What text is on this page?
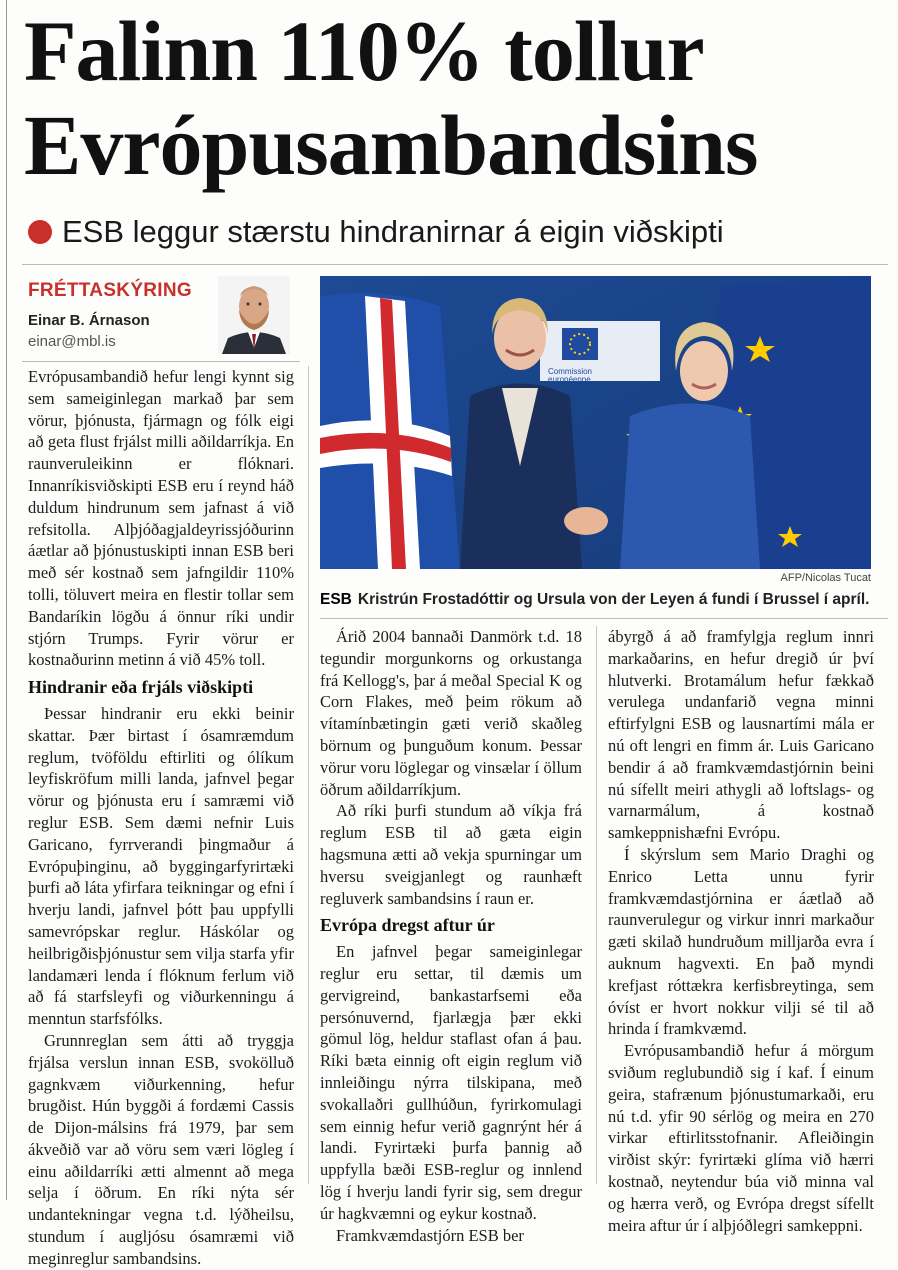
Falinn 110% tollur
Evrópusambandsins
ESB leggur stærstu hindranirnar á eigin viðskipti
FRÉTTASKÝRING
Einar B. Árnason
einar@mbl.is
Commission
européenne
AFP/Nicolas Tucat
ESB Kristrún Frostadóttir og Ursula von der Leyen á fundi í Brussel í apríl.

Evrópusambandið hefur lengi kynnt sig sem sameiginlegan markað þar sem vörur, þjónusta, fjármagn og fólk eigi að geta flust frjálst milli aðildarríkja. En raunveruleikinn er flóknari. Innanríkisviðskipti ESB eru í reynd háð duldum hindrunum sem jafnast á við refsitolla. Alþjóðagjaldeyrissjóðurinn áætlar að þjónustuskipti innan ESB beri með sér kostnað sem jafngildir 110% tolli, töluvert meira en flestir tollar sem Bandaríkin lögðu á önnur ríki undir stjórn Trumps. Fyrir vörur er kostnaðurinn metinn á við 45% toll.

Hindranir eða frjáls viðskipti

Þessar hindranir eru ekki beinir skattar. Þær birtast í ósamræmdum reglum, tvöföldu eftirliti og ólíkum leyfiskröfum milli landa, jafnvel þegar vörur og þjónusta eru í samræmi við reglur ESB. Sem dæmi nefnir Luis Garicano, fyrrverandi þingmaður á Evrópuþinginu, að byggingarfyrirtæki þurfi að láta yfirfara teikningar og efni í hverju landi, jafnvel þótt þau uppfylli samevrópskar reglur. Háskólar og heilbrigðisþjónustur sem vilja starfa yfir landamæri lenda í flóknum ferlum við að fá starfsleyfi og viðurkenningu á menntun starfsfólks.

Grunnreglan sem átti að tryggja frjálsa verslun innan ESB, svokölluð gagnkvæm viðurkenning, hefur brugðist. Hún byggði á fordæmi Cassis de Dijon-málsins frá 1979, þar sem ákveðið var að vöru sem væri lögleg í einu aðildarríki ætti almennt að mega selja í öðrum. En ríki nýta sér undantekningar vegna t.d. lýðheilsu, stundum í augljósu ósamræmi við meginreglur sambandsins.

Árið 2004 bannaði Danmörk t.d. 18 tegundir morgunkorns og orkustanga frá Kellogg's, þar á meðal Special K og Corn Flakes, með þeim rökum að vítamínbætingin gæti verið skaðleg börnum og þunguðum konum. Þessar vörur voru löglegar og vinsælar í öllum öðrum aðildarríkjum.

Að ríki þurfi stundum að víkja frá reglum ESB til að gæta eigin hagsmuna ætti að vekja spurningar um hversu sveigjanlegt og raunhæft regluverk sambandsins í raun er.

Evrópa dregst aftur úr

En jafnvel þegar sameiginlegar reglur eru settar, til dæmis um gervigreind, bankastarfsemi eða persónuvernd, fjarlægja þær ekki gömul lög, heldur staflast ofan á þau. Ríki bæta einnig oft eigin reglum við innleiðingu nýrra tilskipana, með svokallaðri gullhúðun, fyrirkomulagi sem einnig hefur verið gagnrýnt hér á landi. Fyrirtæki þurfa þannig að uppfylla bæði ESB-reglur og innlend lög í hverju landi fyrir sig, sem dregur úr hagkvæmni og eykur kostnað.

Framkvæmdastjórn ESB ber

ábyrgð á að framfylgja reglum innri markaðarins, en hefur dregið úr því hlutverki. Brotamálum hefur fækkað verulega undanfarið vegna minni eftirfylgni ESB og lausnartími mála er nú oft lengri en fimm ár. Luis Garicano bendir á að framkvæmdastjórnin beini nú sífellt meiri athygli að loftslags- og varnarmálum, á kostnað samkeppnishæfni Evrópu.

Í skýrslum sem Mario Draghi og Enrico Letta unnu fyrir framkvæmdastjórnina er áætlað að raunverulegur og virkur innri markaður gæti skilað hundruðum milljarða evra í auknum hagvexti. En það myndi krefjast róttækra kerfisbreytinga, sem óvíst er hvort nokkur vilji sé til að hrinda í framkvæmd.

Evrópusambandið hefur á mörgum sviðum reglubundið sig í kaf. Í einum geira, stafrænum þjónustumarkaði, eru nú t.d. yfir 90 sérlög og meira en 270 virkar eftirlitsstofnanir. Afleiðingin virðist skýr: fyrirtæki glíma við hærri kostnað, neytendur búa við minna val og hærra verð, og Evrópa dregst sífellt meira aftur úr í alþjóðlegri samkeppni.
